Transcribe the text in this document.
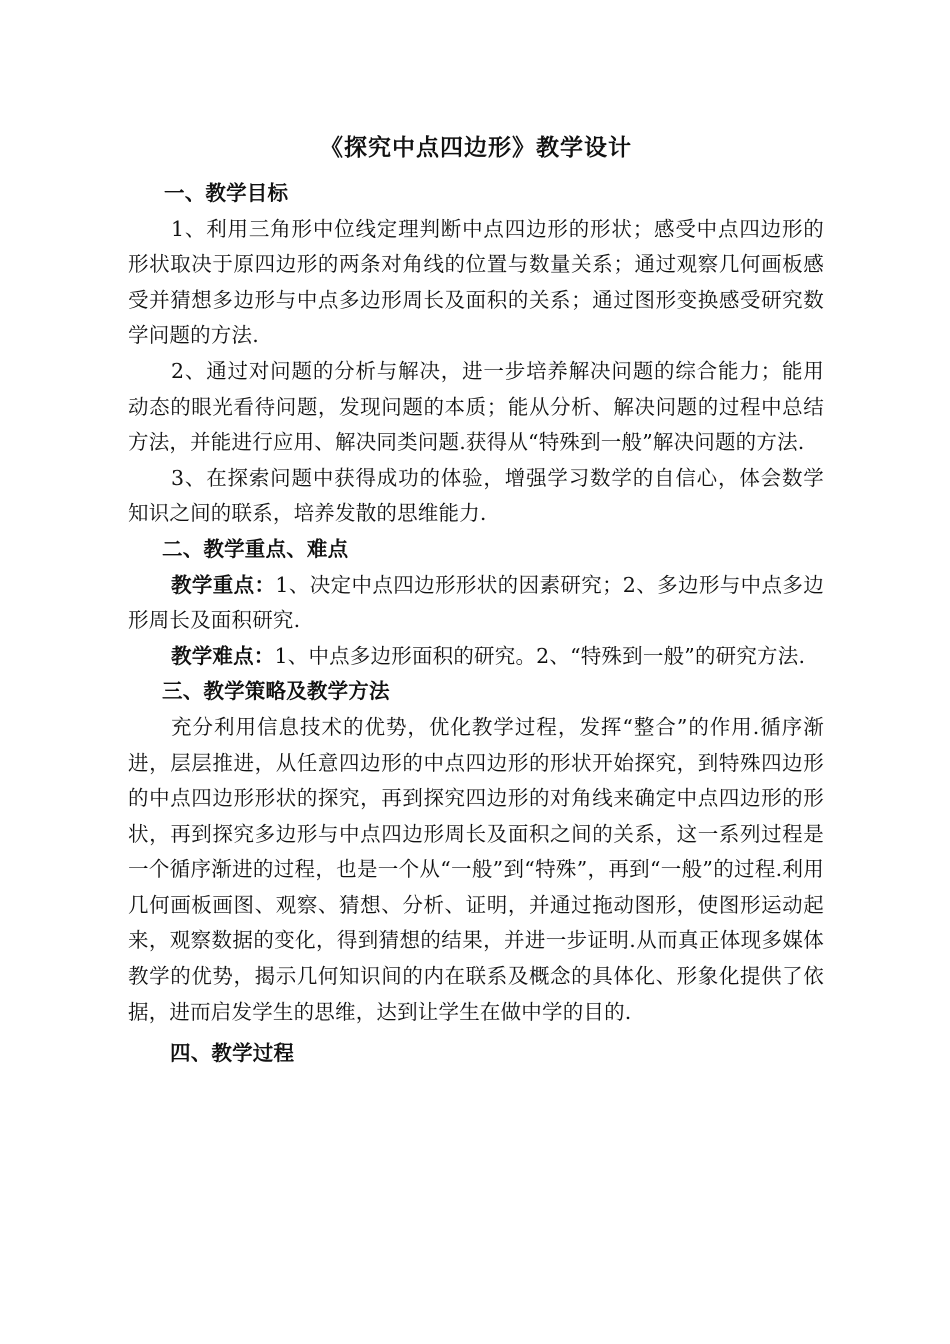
《探究中点四边形》教学设计
一、教学目标
1、利用三角形中位线定理判断中点四边形的形状；感受中点四边形的形状取决于原四边形的两条对角线的位置与数量关系；通过观察几何画板感受并猜想多边形与中点多边形周长及面积的关系；通过图形变换感受研究数学问题的方法.
2、通过对问题的分析与解决，进一步培养解决问题的综合能力；能用动态的眼光看待问题，发现问题的本质；能从分析、解决问题的过程中总结方法，并能进行应用、解决同类问题.获得从“特殊到一般”解决问题的方法.
3、在探索问题中获得成功的体验，增强学习数学的自信心，体会数学知识之间的联系，培养发散的思维能力.
二、教学重点、难点
教学重点：1、决定中点四边形形状的因素研究；2、多边形与中点多边形周长及面积研究.
教学难点：1、中点多边形面积的研究。2、“特殊到一般”的研究方法.
三、教学策略及教学方法
充分利用信息技术的优势，优化教学过程，发挥“整合”的作用.循序渐进，层层推进，从任意四边形的中点四边形的形状开始探究，到特殊四边形的中点四边形形状的探究，再到探究四边形的对角线来确定中点四边形的形状，再到探究多边形与中点四边形周长及面积之间的关系，这一系列过程是一个循序渐进的过程，也是一个从“一般”到“特殊”，再到“一般”的过程.利用几何画板画图、观察、猜想、分析、证明，并通过拖动图形，使图形运动起来，观察数据的变化，得到猜想的结果，并进一步证明.从而真正体现多媒体教学的优势，揭示几何知识间的内在联系及概念的具体化、形象化提供了依据，进而启发学生的思维，达到让学生在做中学的目的.
四、教学过程
